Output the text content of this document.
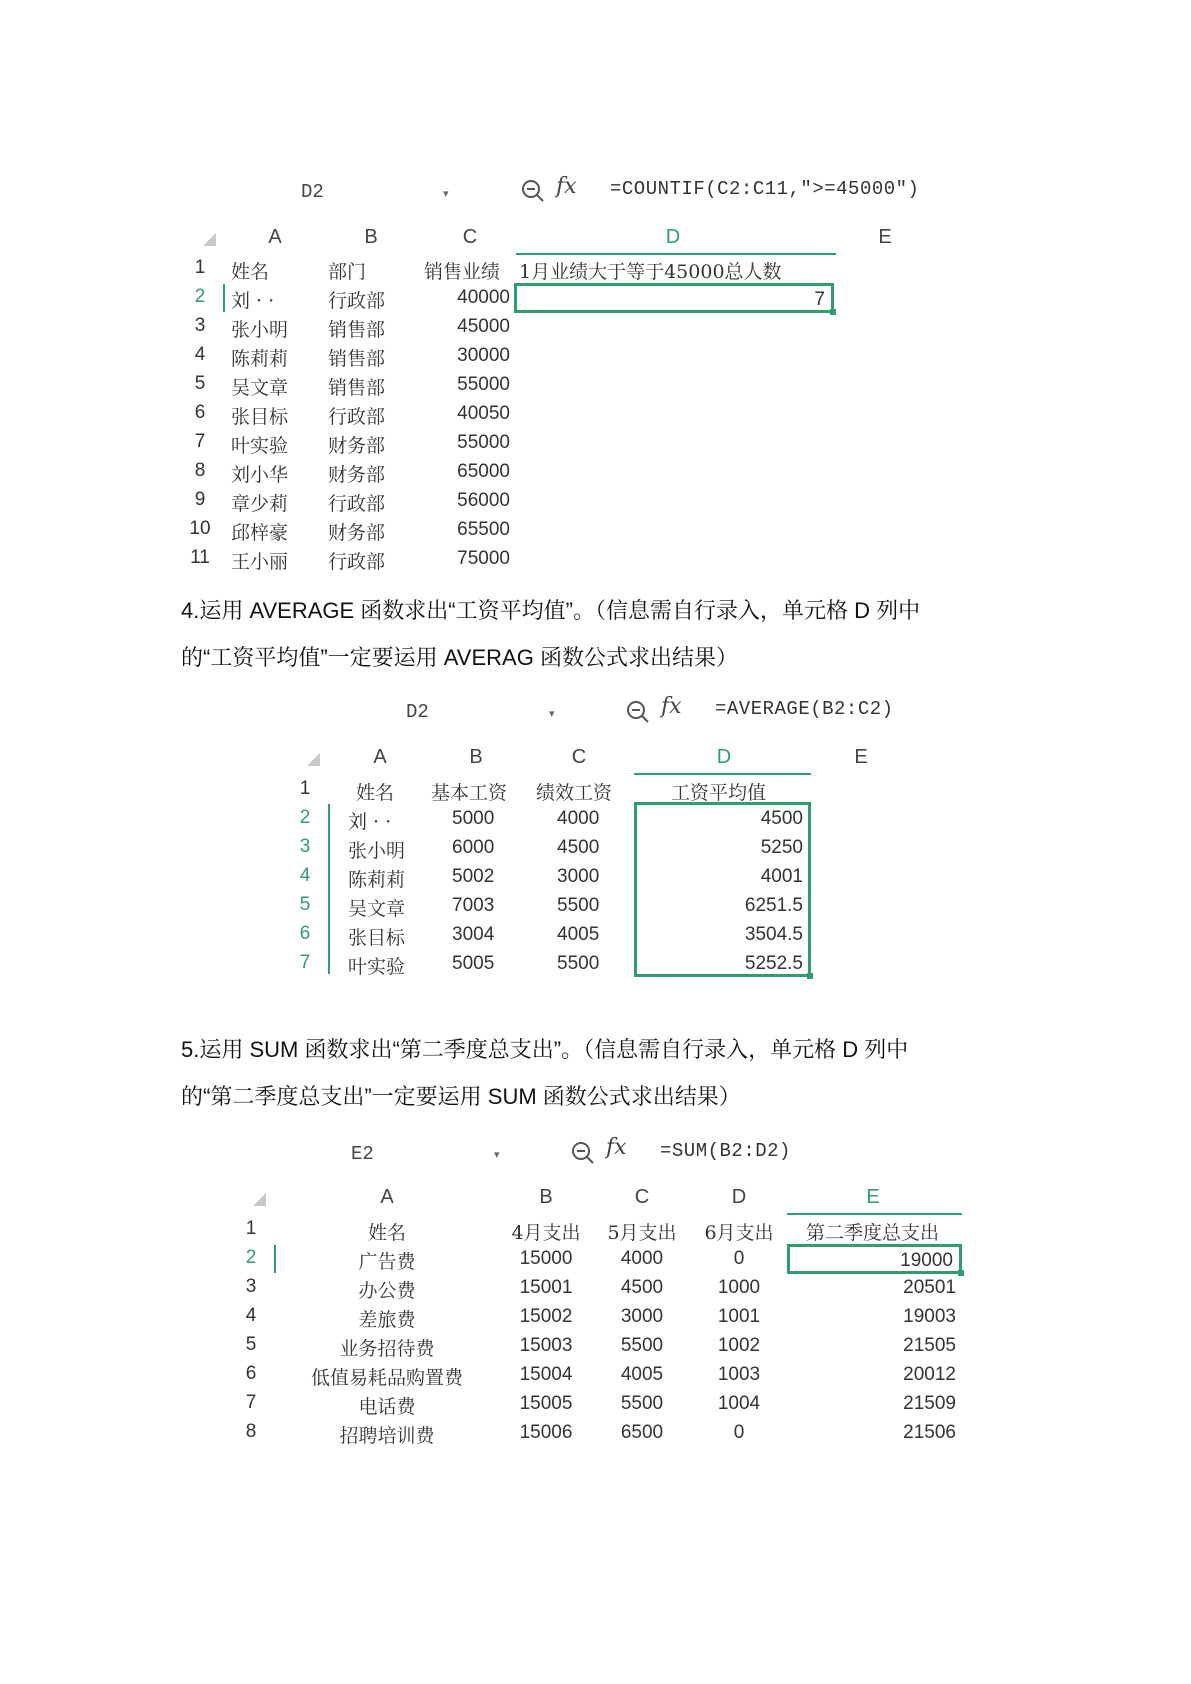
D2	▾	fx =COUNTIF(C2:C11,">=45000")
A	B	C	D	E
1	姓名	部门	销售业绩 1月业绩大于等于45000总人数
2	刘 · ·	行政部	40000	7
3	张小明 销售部	45000
4	陈莉莉 销售部	30000
5	吴文章 销售部	55000
6	张目标 行政部	40050
7	叶实验 财务部	55000
8	刘小华 财务部	65000
9	章少莉 行政部	56000
10 邱梓豪 财务部	65500
11 王小丽 行政部	75000
4.运用 AVERAGE 函数求出“工资平均值”。（信息需自行录入，单元格 D 列中
的“工资平均值”一定要运用 AVERAG 函数公式求出结果）
D2	▾	fx =AVERAGE(B2:C2)
A	B	C	D	E
1	姓名 基本工资 绩效工资	工资平均值
2	刘 · ·	5000	4000	4500
3	张小明 6000	4500	5250
4	陈莉莉 5002	3000	4001
5	吴文章 7003	5500	6251.5
6	张目标 3004	4005	3504.5
7	叶实验 5005	5500	5252.5
5.运用 SUM 函数求出“第二季度总支出”。（信息需自行录入，单元格 D 列中
的“第二季度总支出”一定要运用 SUM 函数公式求出结果）
E2	▾	fx =SUM(B2:D2)
A	B	C	D	E
1	姓名	4月支出 5月支出 6月支出	第二季度总支出
2	广告费	15000	4000	0	19000
3	办公费	15001	4500	1000	20501
4	差旅费	15002	3000	1001	19003
5	业务招待费	15003	5500	1002	21505
6	低值易耗品购置费	15004	4005	1003	20012
7	电话费	15005	5500	1004	21509
8	招聘培训费	15006	6500	0	21506
